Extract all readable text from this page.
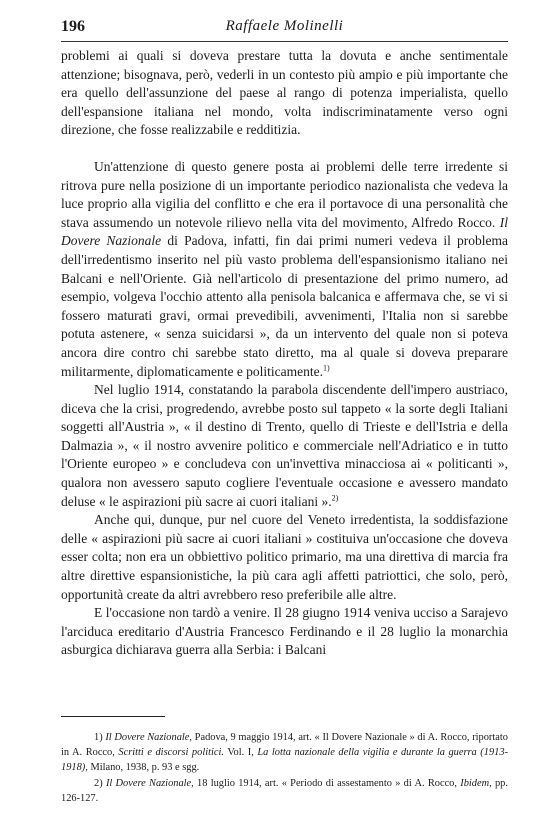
196	Raffaele Molinelli

problemi ai quali si doveva prestare tutta la dovuta e anche sentimentale attenzione; bisognava, però, vederli in un contesto più ampio e più importante che era quello dell'assunzione del paese al rango di potenza imperialista, quello dell'espansione italiana nel mondo, volta indiscriminatamente verso ogni direzione, che fosse realizzabile e redditizia.

Un'attenzione di questo genere posta ai problemi delle terre irredente si ritrova pure nella posizione di un importante periodico nazionalista che vedeva la luce proprio alla vigilia del conflitto e che era il portavoce di una personalità che stava assumendo un notevole rilievo nella vita del movimento, Alfredo Rocco. Il Dovere Nazionale di Padova, infatti, fin dai primi numeri vedeva il problema dell'irredentismo inserito nel più vasto problema dell'espansionismo italiano nei Balcani e nell'Oriente. Già nell'articolo di presentazione del primo numero, ad esempio, volgeva l'occhio attento alla penisola balcanica e affermava che, se vi si fossero maturati gravi, ormai prevedibili, avvenimenti, l'Italia non si sarebbe potuta astenere, « senza suicidarsi », da un intervento del quale non si poteva ancora dire contro chi sarebbe stato diretto, ma al quale si doveva preparare militarmente, diplomaticamente e politicamente.$^{1)}$

Nel luglio 1914, constatando la parabola discendente dell'impero austriaco, diceva che la crisi, progredendo, avrebbe posto sul tappeto « la sorte degli Italiani soggetti all'Austria », « il destino di Trento, quello di Trieste e dell'Istria e della Dalmazia », « il nostro avvenire politico e commerciale nell'Adriatico e in tutto l'Oriente europeo » e concludeva con un'invettiva minacciosa ai « politicanti », qualora non avessero saputo cogliere l'eventuale occasione e avessero mandato deluse « le aspirazioni più sacre ai cuori italiani ».$^{2)}$

Anche qui, dunque, pur nel cuore del Veneto irredentista, la soddisfazione delle « aspirazioni più sacre ai cuori italiani » costituiva un'occasione che doveva esser colta; non era un obbiettivo politico primario, ma una direttiva di marcia fra altre direttive espansionistiche, la più cara agli affetti patriottici, che solo, però, opportunità create da altri avrebbero reso preferibile alle altre.

E l'occasione non tardò a venire. Il 28 giugno 1914 veniva ucciso a Sarajevo l'arciduca ereditario d'Austria Francesco Ferdinando e il 28 luglio la monarchia asburgica dichiarava guerra alla Serbia: i Balcani

1) Il Dovere Nazionale, Padova, 9 maggio 1914, art. « Il Dovere Nazionale » di A. Rocco, riportato in A. Rocco, Scritti e discorsi politici. Vol. I, La lotta nazionale della vigilia e durante la guerra (1913-1918), Milano, 1938, p. 93 e sgg.

2) Il Dovere Nazionale, 18 luglio 1914, art. « Periodo di assestamento » di A. Rocco, Ibidem, pp. 126-127.
